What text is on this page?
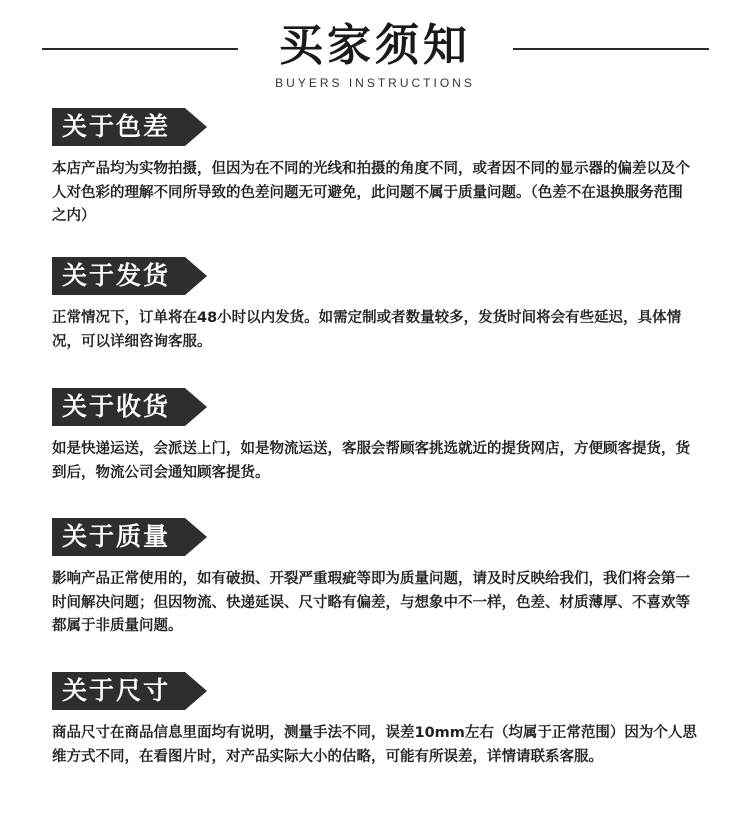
买家须知
BUYERS INSTRUCTIONS
关于色差

本店产品均为实物拍摄，但因为在不同的光线和拍摄的角度不同，或者因不同的显示器的偏差以及个人对色彩的理解不同所导致的色差问题无可避免，此问题不属于质量问题。（色差不在退换服务范围之内）

关于发货

正常情况下，订单将在48小时以内发货。如需定制或者数量较多，发货时间将会有些延迟，具体情况，可以详细咨询客服。

关于收货

如是快递运送，会派送上门，如是物流运送，客服会帮顾客挑选就近的提货网店，方便顾客提货，货到后，物流公司会通知顾客提货。

关于质量

影响产品正常使用的，如有破损、开裂严重瑕疵等即为质量问题，请及时反映给我们，我们将会第一时间解决问题；但因物流、快递延误、尺寸略有偏差，与想象中不一样，色差、材质薄厚、不喜欢等都属于非质量问题。

关于尺寸

商品尺寸在商品信息里面均有说明，测量手法不同，误差10mm左右（均属于正常范围）因为个人思维方式不同，在看图片时，对产品实际大小的估略，可能有所误差，详情请联系客服。
